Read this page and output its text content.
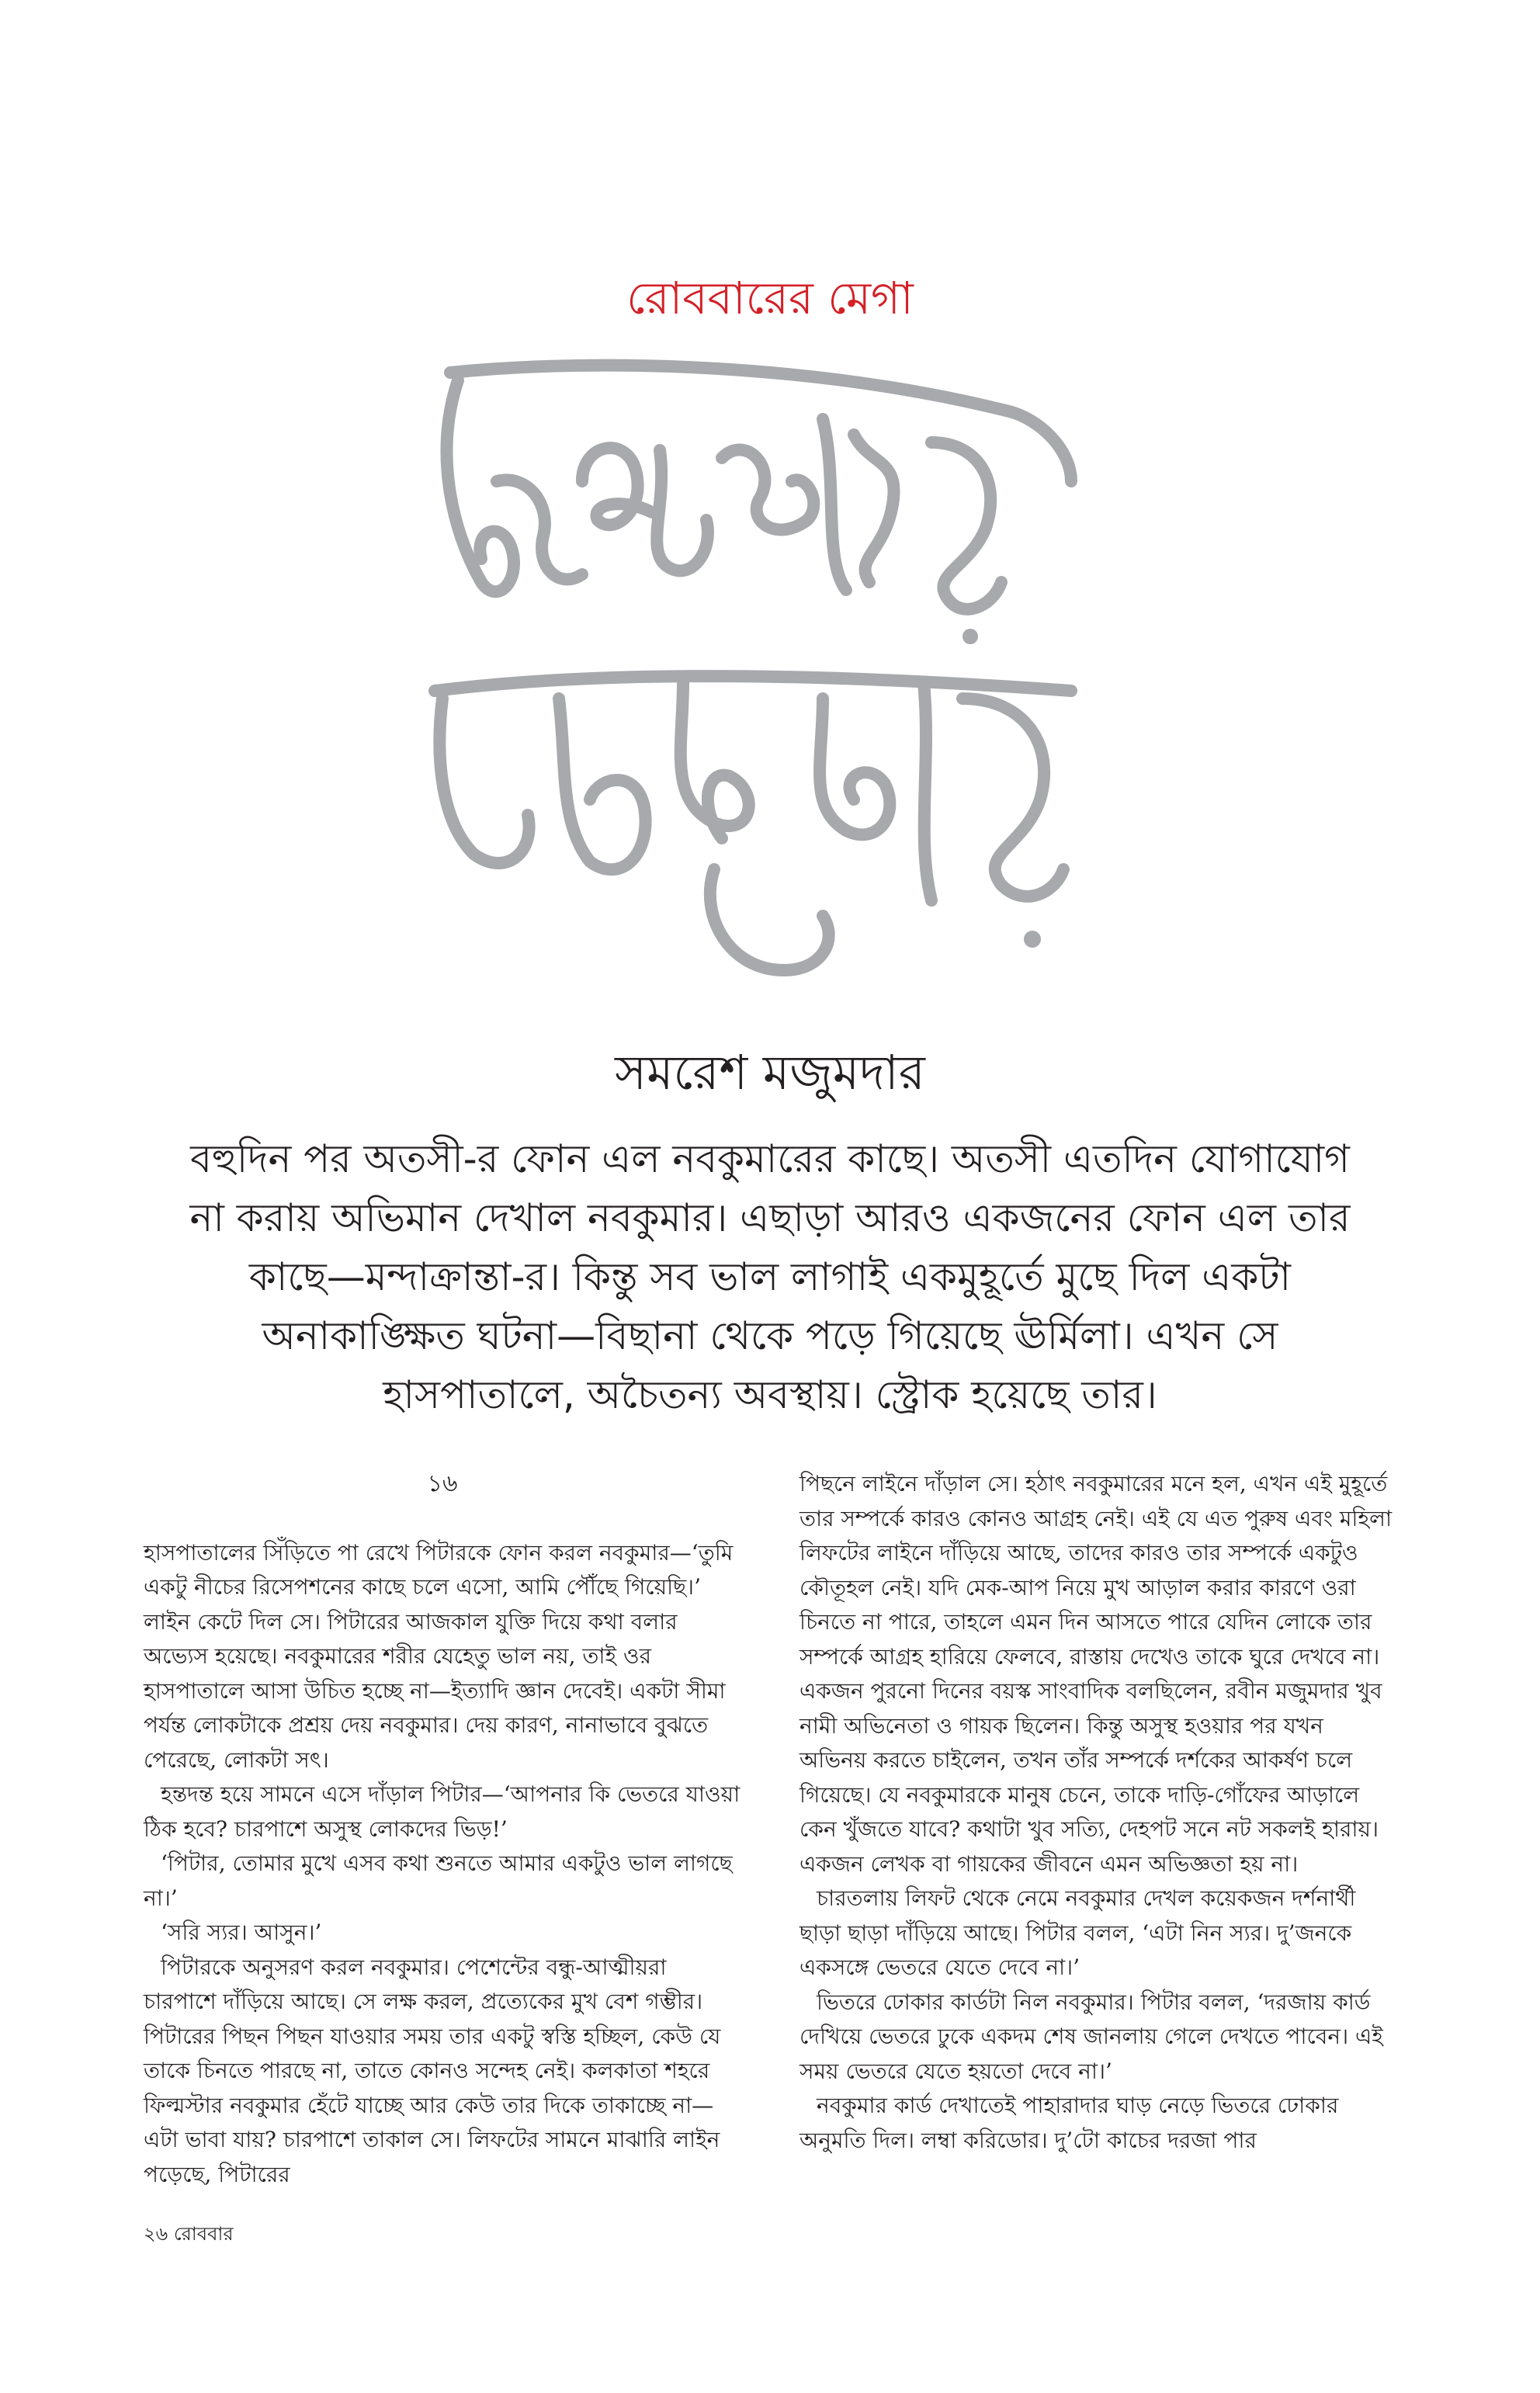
রোববারের মেগা
সমরেশ মজুমদার
বহুদিন পর অতসী-র ফোন এল নবকুমারের কাছে। অতসী এতদিন যোগাযোগ
না করায় অভিমান দেখাল নবকুমার। এছাড়া আরও একজনের ফোন এল তার
কাছে—মন্দাক্রান্তা-র। কিন্তু সব ভাল লাগাই একমুহূর্তে মুছে দিল একটা
অনাকাঙ্ক্ষিত ঘটনা—বিছানা থেকে পড়ে গিয়েছে ঊর্মিলা। এখন সে
হাসপাতালে, অচৈতন্য অবস্থায়। স্ট্রোক হয়েছে তার।
১৬

হাসপাতালের সিঁড়িতে পা রেখে পিটারকে ফোন করল নবকুমার—‘তুমি একটু নীচের রিসেপশনের কাছে চলে এসো, আমি পৌঁছে গিয়েছি।’ লাইন কেটে দিল সে। পিটারের আজকাল যুক্তি দিয়ে কথা বলার অভ্যেস হয়েছে। নবকুমারের শরীর যেহেতু ভাল নয়, তাই ওর হাসপাতালে আসা উচিত হচ্ছে না—ইত্যাদি জ্ঞান দেবেই। একটা সীমা পর্যন্ত লোকটাকে প্রশ্রয় দেয় নবকুমার। দেয় কারণ, নানাভাবে বুঝতে পেরেছে, লোকটা সৎ।

হন্তদন্ত হয়ে সামনে এসে দাঁড়াল পিটার—‘আপনার কি ভেতরে যাওয়া ঠিক হবে? চারপাশে অসুস্থ লোকদের ভিড়!’

‘পিটার, তোমার মুখে এসব কথা শুনতে আমার একটুও ভাল লাগছে না।’

‘সরি স্যর। আসুন।’

পিটারকে অনুসরণ করল নবকুমার। পেশেন্টের বন্ধু-আত্মীয়রা চারপাশে দাঁড়িয়ে আছে। সে লক্ষ করল, প্রত্যেকের মুখ বেশ গম্ভীর। পিটারের পিছন পিছন যাওয়ার সময় তার একটু স্বস্তি হচ্ছিল, কেউ যে তাকে চিনতে পারছে না, তাতে কোনও সন্দেহ নেই। কলকাতা শহরে ফিল্মস্টার নবকুমার হেঁটে যাচ্ছে আর কেউ তার দিকে তাকাচ্ছে না—এটা ভাবা যায়? চারপাশে তাকাল সে। লিফটের সামনে মাঝারি লাইন পড়েছে, পিটারের

পিছনে লাইনে দাঁড়াল সে। হঠাৎ নবকুমারের মনে হল, এখন এই মুহূর্তে তার সম্পর্কে কারও কোনও আগ্রহ নেই। এই যে এত পুরুষ এবং মহিলা লিফটের লাইনে দাঁড়িয়ে আছে, তাদের কারও তার সম্পর্কে একটুও কৌতূহল নেই। যদি মেক-আপ নিয়ে মুখ আড়াল করার কারণে ওরা চিনতে না পারে, তাহলে এমন দিন আসতে পারে যেদিন লোকে তার সম্পর্কে আগ্রহ হারিয়ে ফেলবে, রাস্তায় দেখেও তাকে ঘুরে দেখবে না। একজন পুরনো দিনের বয়স্ক সাংবাদিক বলছিলেন, রবীন মজুমদার খুব নামী অভিনেতা ও গায়ক ছিলেন। কিন্তু অসুস্থ হওয়ার পর যখন অভিনয় করতে চাইলেন, তখন তাঁর সম্পর্কে দর্শকের আকর্ষণ চলে গিয়েছে। যে নবকুমারকে মানুষ চেনে, তাকে দাড়ি-গোঁফের আড়ালে কেন খুঁজতে যাবে? কথাটা খুব সত্যি, দেহপট সনে নট সকলই হারায়। একজন লেখক বা গায়কের জীবনে এমন অভিজ্ঞতা হয় না।

চারতলায় লিফট থেকে নেমে নবকুমার দেখল কয়েকজন দর্শনার্থী ছাড়া ছাড়া দাঁড়িয়ে আছে। পিটার বলল, ‘এটা নিন স্যর। দু’জনকে একসঙ্গে ভেতরে যেতে দেবে না।’

ভিতরে ঢোকার কার্ডটা নিল নবকুমার। পিটার বলল, ‘দরজায় কার্ড দেখিয়ে ভেতরে ঢুকে একদম শেষ জানলায় গেলে দেখতে পাবেন। এই সময় ভেতরে যেতে হয়তো দেবে না।’

নবকুমার কার্ড দেখাতেই পাহারাদার ঘাড় নেড়ে ভিতরে ঢোকার অনুমতি দিল। লম্বা করিডোর। দু’টো কাচের দরজা পার

২৬ রোববার
